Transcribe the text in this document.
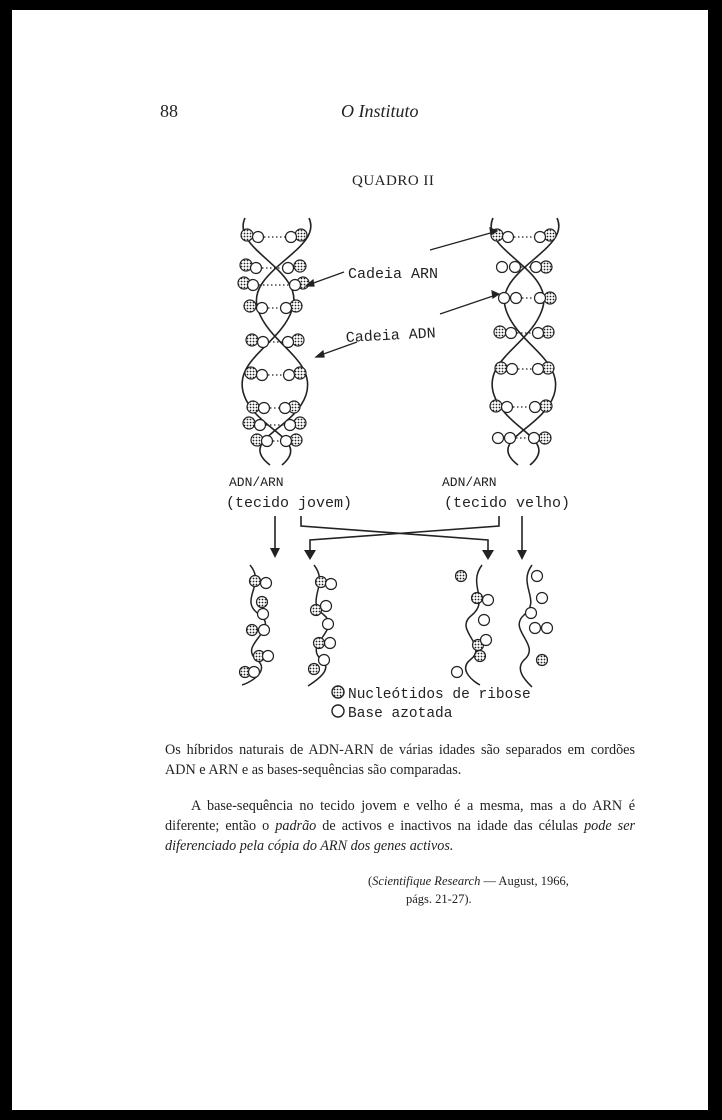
88	O Instituto
QUADRO II
Cadeia ARN
Cadeia ADN
ADN/ARN
(tecido jovem)
ADN/ARN
(tecido velho)
Nucleótidos de ribose
Base azotada

Os híbridos naturais de ADN-ARN de várias idades são separados em cordões ADN e ARN e as bases-sequências são comparadas.

A base-sequência no tecido jovem e velho é a mesma, mas a do ARN é diferente; então o padrão de activos e inactivos na idade das células pode ser diferenciado pela cópia do ARN dos genes activos.

(Scientifique Research — August, 1966,
págs. 21-27).
